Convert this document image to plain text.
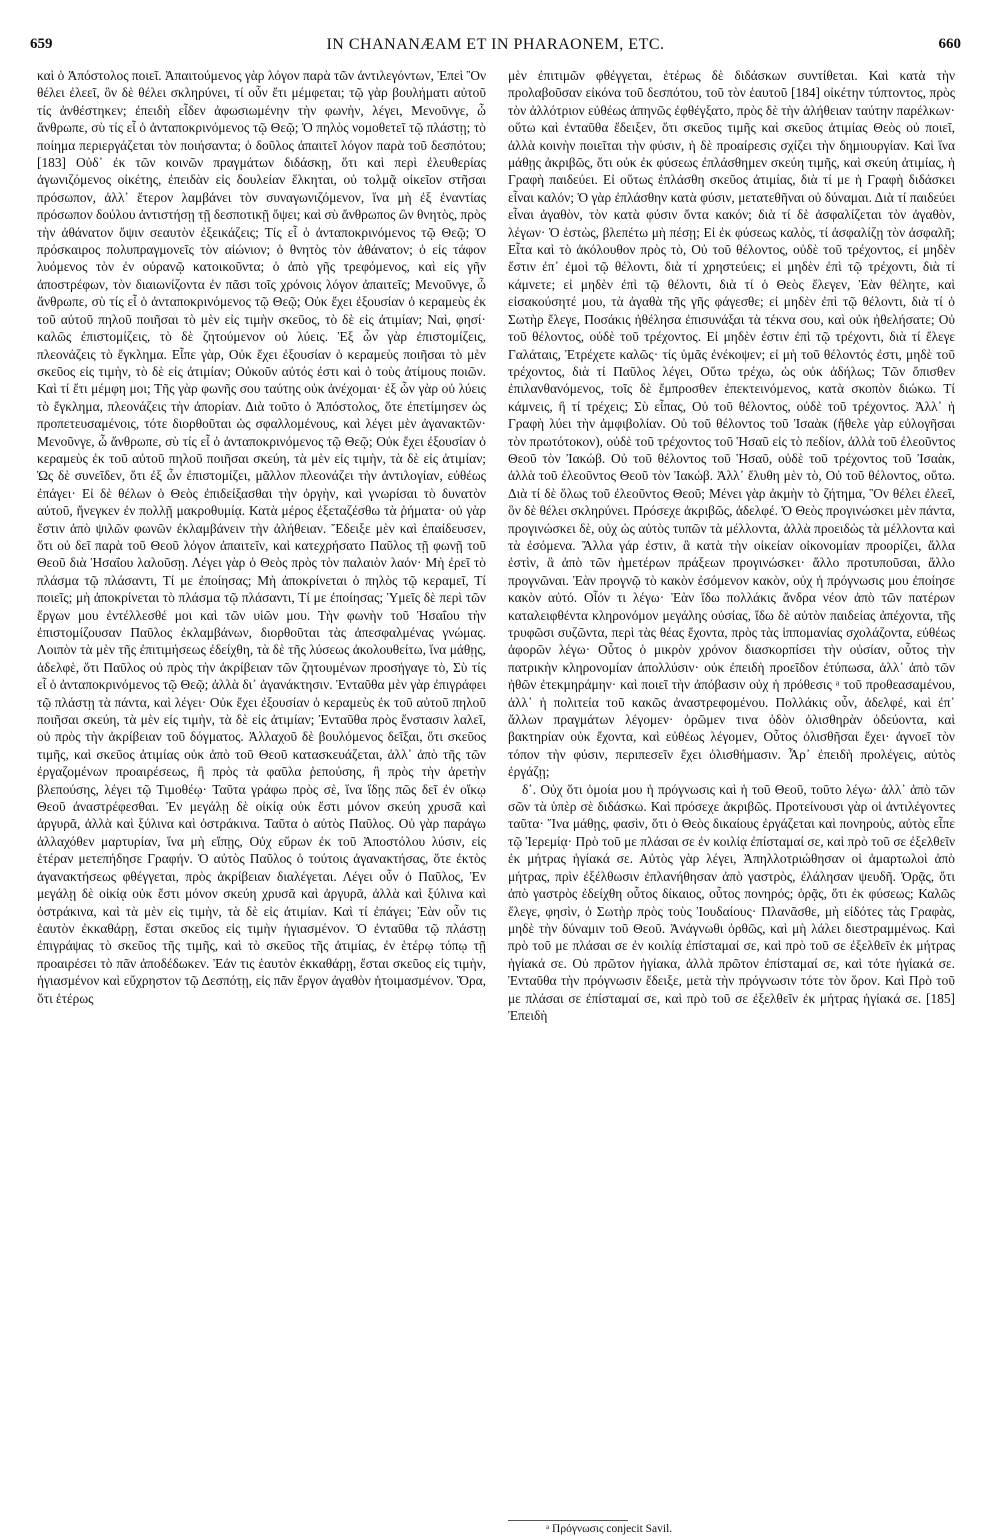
659	IN CHANANÆAM ET IN PHARAONEM, ETC.	660

καὶ ὁ Ἀπόστολος ποιεῖ. Ἀπαιτούμενος γὰρ λόγον παρὰ τῶν ἀντιλεγόντων, Ἐπεὶ Ὃν θέλει ἐλεεῖ, ὃν δὲ θέλει σκληρύνει, τί οὖν ἔτι μέμφεται; τῷ γὰρ βουλήματι αὐτοῦ τίς ἀνθέστηκεν; ἐπειδὴ εἶδεν ἀφωσιωμένην τὴν φωνὴν, λέγει, Μενοῦνγε, ὦ ἄνθρωπε, σὺ τίς εἶ ὁ ἀνταποκρινόμενος τῷ Θεῷ; Ὁ πηλὸς νομοθετεῖ τῷ πλάστῃ; τὸ ποίημα περιεργάζεται τὸν ποιήσαντα; ὁ δοῦλος ἀπαιτεῖ λόγον παρὰ τοῦ δεσπότου; [183] Οὐδ᾽ ἐκ τῶν κοινῶν πραγμάτων διδάσκῃ, ὅτι καὶ περὶ ἐλευθερίας ἀγωνιζόμενος οἰκέτης, ἐπειδὰν εἰς δουλείαν ἕλκηται, οὐ τολμᾷ οἰκεῖον στῆσαι πρόσωπον, ἀλλ᾽ ἕτερον λαμβάνει τὸν συναγωνιζόμενον, ἵνα μὴ ἐξ ἐναντίας πρόσωπον δούλου ἀντιστήσῃ τῇ δεσποτικῇ ὄψει; καὶ σὺ ἄνθρωπος ὢν θνητὸς, πρὸς τὴν ἀθάνατον ὄψιν σεαυτὸν ἐξεικάζεις; Τίς εἶ ὁ ἀνταποκρινόμενος τῷ Θεῷ; Ὁ πρόσκαιρος πολυπραγμονεῖς τὸν αἰώνιον; ὁ θνητὸς τὸν ἀθάνατον; ὁ εἰς τάφον λυόμενος τὸν ἐν οὐρανῷ κατοικοῦντα; ὁ ἀπὸ γῆς τρεφόμενος, καὶ εἰς γῆν ἀποστρέφων, τὸν διαιωνίζοντα ἐν πᾶσι τοῖς χρόνοις λόγον ἀπαιτεῖς; Μενοῦνγε, ὦ ἄνθρωπε, σὺ τίς εἶ ὁ ἀνταποκρινόμενος τῷ Θεῷ; Οὐκ ἔχει ἐξουσίαν ὁ κεραμεὺς ἐκ τοῦ αὐτοῦ πηλοῦ ποιῆσαι τὸ μὲν εἰς τιμὴν σκεῦος, τὸ δὲ εἰς ἀτιμίαν; Ναὶ, φησί· καλῶς ἐπιστομίζεις, τὸ δὲ ζητούμενον οὐ λύεις. Ἐξ ὧν γὰρ ἐπιστομίζεις, πλεονάζεις τὸ ἔγκλημα. Εἶπε γὰρ, Οὐκ ἔχει ἐξουσίαν ὁ κεραμεὺς ποιῆσαι τὸ μὲν σκεῦος εἰς τιμὴν, τὸ δὲ εἰς ἀτιμίαν; Οὐκοῦν αὐτός ἐστι καὶ ὁ τοὺς ἀτίμους ποιῶν. Καὶ τί ἔτι μέμφη μοι; Τῆς γὰρ φωνῆς σου ταύτης οὐκ ἀνέχομαι· ἐξ ὧν γὰρ οὐ λύεις τὸ ἔγκλημα, πλεονάζεις τὴν ἀπορίαν. Διὰ τοῦτο ὁ Ἀπόστολος, ὅτε ἐπετίμησεν ὡς προπετευσαμένοις, τότε διορθοῦται ὡς σφαλλομένους, καὶ λέγει μὲν ἀγανακτῶν· Μενοῦνγε, ὦ ἄνθρωπε, σὺ τίς εἶ ὁ ἀνταποκρινόμενος τῷ Θεῷ; Οὐκ ἔχει ἐξουσίαν ὁ κεραμεὺς ἐκ τοῦ αὐτοῦ πηλοῦ ποιῆσαι σκεύη, τὰ μὲν εἰς τιμὴν, τὰ δὲ εἰς ἀτιμίαν; Ὡς δὲ συνεῖδεν, ὅτι ἐξ ὧν ἐπιστομίζει, μᾶλλον πλεονάζει τὴν ἀντιλογίαν, εὐθέως ἐπάγει· Εἰ δὲ θέλων ὁ Θεὸς ἐπιδείξασθαι τὴν ὀργὴν, καὶ γνωρίσαι τὸ δυνατὸν αὐτοῦ, ἤνεγκεν ἐν πολλῇ μακροθυμίᾳ. Κατὰ μέρος ἐξεταζέσθω τὰ ῥήματα· οὐ γὰρ ἔστιν ἀπὸ ψιλῶν φωνῶν ἐκλαμβάνειν τὴν ἀλήθειαν. Ἔδειξε μὲν καὶ ἐπαίδευσεν, ὅτι οὐ δεῖ παρὰ τοῦ Θεοῦ λόγον ἀπαιτεῖν, καὶ κατεχρήσατο Παῦλος τῇ φωνῇ τοῦ Θεοῦ διὰ Ἡσαΐου λαλοῦσῃ. Λέγει γὰρ ὁ Θεὸς πρὸς τὸν παλαιὸν λαόν· Μὴ ἐρεῖ τὸ πλάσμα τῷ πλάσαντι, Τί με ἐποίησας; Μὴ ἀποκρίνεται ὁ πηλὸς τῷ κεραμεῖ, Τί ποιεῖς; μὴ ἀποκρίνεται τὸ πλάσμα τῷ πλάσαντι, Τί με ἐποίησας; Ὑμεῖς δὲ περὶ τῶν ἔργων μου ἐντέλλεσθέ μοι καὶ τῶν υἱῶν μου. Τὴν φωνὴν τοῦ Ἡσαΐου τὴν ἐπιστομίζουσαν Παῦλος ἐκλαμβάνων, διορθοῦται τὰς ἀπεσφαλμένας γνώμας. Λοιπὸν τὰ μὲν τῆς ἐπιτιμήσεως ἐδείχθη, τὰ δὲ τῆς λύσεως ἀκολουθείτω, ἵνα μάθῃς, ἀδελφὲ, ὅτι Παῦλος οὐ πρὸς τὴν ἀκρίβειαν τῶν ζητουμένων προσήγαγε τὸ, Σὺ τίς εἶ ὁ ἀνταποκρινόμενος τῷ Θεῷ; ἀλλὰ δι᾽ ἀγανάκτησιν. Ἐνταῦθα μὲν γὰρ ἐπιγράφει τῷ πλάστῃ τὰ πάντα, καὶ λέγει· Οὐκ ἔχει ἐξουσίαν ὁ κεραμεὺς ἐκ τοῦ αὐτοῦ πηλοῦ ποιῆσαι σκεύη, τὰ μὲν εἰς τιμὴν, τὰ δὲ εἰς ἀτιμίαν; Ἐνταῦθα πρὸς ἔνστασιν λαλεῖ, οὐ πρὸς τὴν ἀκρίβειαν τοῦ δόγματος. Ἀλλαχοῦ δὲ βουλόμενος δεῖξαι, ὅτι σκεῦος τιμῆς, καὶ σκεῦος ἀτιμίας οὐκ ἀπὸ τοῦ Θεοῦ κατασκευάζεται, ἀλλ᾽ ἀπὸ τῆς τῶν ἐργαζομένων προαιρέσεως, ἢ πρὸς τὰ φαῦλα ῥεπούσης, ἢ πρὸς τὴν ἀρετὴν βλεπούσης, λέγει τῷ Τιμοθέῳ· Ταῦτα γράφω πρὸς σὲ, ἵνα ἴδῃς πῶς δεῖ ἐν οἴκῳ Θεοῦ ἀναστρέφεσθαι. Ἐν μεγάλῃ δὲ οἰκίᾳ οὐκ ἔστι μόνον σκεύη χρυσᾶ καὶ ἀργυρᾶ, ἀλλὰ καὶ ξύλινα καὶ ὀστράκινα. Ταῦτα ὁ αὐτὸς Παῦλος. Οὐ γὰρ παράγω ἀλλαχόθεν μαρτυρίαν, ἵνα μὴ εἴπῃς, Οὐχ εὕρων ἐκ τοῦ Ἀποστόλου λύσιν, εἰς ἑτέραν μετεπήδησε Γραφήν. Ὁ αὐτὸς Παῦλος ὁ τούτοις ἀγανακτήσας, ὅτε ἐκτὸς ἀγανακτήσεως φθέγγεται, πρὸς ἀκρίβειαν διαλέγεται. Λέγει οὖν ὁ Παῦλος, Ἐν μεγάλῃ δὲ οἰκίᾳ οὐκ ἔστι μόνον σκεύη χρυσᾶ καὶ ἀργυρᾶ, ἀλλὰ καὶ ξύλινα καὶ ὀστράκινα, καὶ τὰ μὲν εἰς τιμὴν, τὰ δὲ εἰς ἀτιμίαν. Καὶ τί ἐπάγει; Ἐὰν οὖν τις ἑαυτὸν ἐκκαθάρῃ, ἔσται σκεῦος εἰς τιμὴν ἡγιασμένον. Ὁ ἐνταῦθα τῷ πλάστῃ ἐπιγράψας τὸ σκεῦος τῆς τιμῆς, καὶ τὸ σκεῦος τῆς ἀτιμίας, ἐν ἑτέρῳ τόπῳ τῇ προαιρέσει τὸ πᾶν ἀποδέδωκεν. Ἐάν τις ἑαυτὸν ἐκκαθάρῃ, ἔσται σκεῦος εἰς τιμὴν, ἡγιασμένον καὶ εὔχρηστον τῷ Δεσπότῃ, εἰς πᾶν ἔργον ἀγαθὸν ἡτοιμασμένον. Ὅρα, ὅτι ἑτέρως

μὲν ἐπιτιμῶν φθέγγεται, ἑτέρως δὲ διδάσκων συντίθεται. Καὶ κατὰ τὴν προλαβοῦσαν εἰκόνα τοῦ δεσπότου, τοῦ τὸν ἑαυτοῦ [184] οἰκέτην τύπτοντος, πρὸς τὸν ἀλλότριον εὐθέως ἀπηνῶς ἐφθέγξατο, πρὸς δὲ τὴν ἀλήθειαν ταύτην παρέλκων· οὕτω καὶ ἐνταῦθα ἔδειξεν, ὅτι σκεῦος τιμῆς καὶ σκεῦος ἀτιμίας Θεὸς οὐ ποιεῖ, ἀλλὰ κοινὴν ποιεῖται τὴν φύσιν, ἡ δὲ προαίρεσις σχίζει τὴν δημιουργίαν. Καὶ ἵνα μάθῃς ἀκριβῶς, ὅτι οὐκ ἐκ φύσεως ἐπλάσθημεν σκεύη τιμῆς, καὶ σκεύη ἀτιμίας, ἡ Γραφὴ παιδεύει. Εἰ οὕτως ἐπλάσθη σκεῦος ἀτιμίας, διὰ τί με ἡ Γραφὴ διδάσκει εἶναι καλόν; Ὁ γὰρ ἐπλάσθην κατὰ φύσιν, μετατεθῆναι οὐ δύναμαι. Διὰ τί παιδεύει εἶναι ἀγαθὸν, τὸν κατὰ φύσιν ὄντα κακόν; διὰ τί δὲ ἀσφαλίζεται τὸν ἀγαθὸν, λέγων· Ὁ ἑστὼς, βλεπέτω μὴ πέσῃ; Εἰ ἐκ φύσεως καλὸς, τί ἀσφαλίζῃ τὸν ἀσφαλῆ; Εἶτα καὶ τὸ ἀκόλουθον πρὸς τὸ, Οὐ τοῦ θέλοντος, οὐδὲ τοῦ τρέχοντος, εἰ μηδὲν ἔστιν ἐπ᾽ ἐμοὶ τῷ θέλοντι, διὰ τί χρηστεύεις; εἰ μηδὲν ἐπὶ τῷ τρέχοντι, διὰ τί κάμνετε; εἰ μηδὲν ἐπὶ τῷ θέλοντι, διὰ τί ὁ Θεὸς ἔλεγεν, Ἐὰν θέλητε, καὶ εἰσακούσητέ μου, τὰ ἀγαθὰ τῆς γῆς φάγεσθε; εἰ μηδὲν ἐπὶ τῷ θέλοντι, διὰ τί ὁ Σωτὴρ ἔλεγε, Ποσάκις ἠθέλησα ἐπισυνάξαι τὰ τέκνα σου, καὶ οὐκ ἠθελήσατε; Οὐ τοῦ θέλοντος, οὐδὲ τοῦ τρέχοντος. Εἰ μηδὲν ἐστιν ἐπὶ τῷ τρέχοντι, διὰ τί ἔλεγε Γαλάταις, Ἐτρέχετε καλῶς· τίς ὑμᾶς ἐνέκοψεν; εἰ μὴ τοῦ θέλοντός ἐστι, μηδὲ τοῦ τρέχοντος, διὰ τί Παῦλος λέγει, Οὕτω τρέχω, ὡς οὐκ ἀδήλως; Τῶν ὄπισθεν ἐπιλανθανόμενος, τοῖς δὲ ἔμπροσθεν ἐπεκτεινόμενος, κατὰ σκοπὸν διώκω. Τί κάμνεις, ἢ τί τρέχεις; Σὺ εἶπας, Οὐ τοῦ θέλοντος, οὐδὲ τοῦ τρέχοντος. Ἀλλ᾽ ἡ Γραφὴ λύει τὴν ἀμφιβολίαν. Οὐ τοῦ θέλοντος τοῦ Ἰσαὰκ (ἤθελε γὰρ εὐλογῆσαι τὸν πρωτότοκον), οὐδὲ τοῦ τρέχοντος τοῦ Ἡσαῦ εἰς τὸ πεδίον, ἀλλὰ τοῦ ἐλεοῦντος Θεοῦ τὸν Ἰακώβ. Οὐ τοῦ θέλοντος τοῦ Ἡσαῦ, οὐδὲ τοῦ τρέχοντος τοῦ Ἰσαὰκ, ἀλλὰ τοῦ ἐλεοῦντος Θεοῦ τὸν Ἰακώβ. Ἀλλ᾽ ἔλυθη μὲν τὸ, Οὐ τοῦ θέλοντος, οὕτω. Διὰ τί δὲ ὅλως τοῦ ἐλεοῦντος Θεοῦ; Μένει γὰρ ἀκμὴν τὸ ζήτημα, Ὃν θέλει ἐλεεῖ, ὃν δὲ θέλει σκληρύνει. Πρόσεχε ἀκριβῶς, ἀδελφέ. Ὁ Θεὸς προγινώσκει μὲν πάντα, προγινώσκει δὲ, οὐχ ὡς αὐτὸς τυπῶν τὰ μέλλοντα, ἀλλὰ προειδὼς τὰ μέλλοντα καὶ τὰ ἐσόμενα. Ἄλλα γάρ ἐστιν, ἃ κατὰ τὴν οἰκείαν οἰκονομίαν προορίζει, ἄλλα ἐστὶν, ἃ ἀπὸ τῶν ἡμετέρων πράξεων προγινώσκει· ἄλλο προτυποῦσαι, ἄλλο προγνῶναι. Ἐὰν προγνῷ τὸ κακὸν ἐσόμενον κακὸν, οὐχ ἡ πρόγνωσις μου ἐποίησε κακὸν αὐτό. Οἷόν τι λέγω· Ἐὰν ἴδω πολλάκις ἄνδρα νέον ἀπὸ τῶν πατέρων καταλειφθέντα κληρονόμον μεγάλης οὐσίας, ἴδω δὲ αὐτὸν παιδείας ἀπέχοντα, τῆς τρυφῶσι συζῶντα, περὶ τὰς θέας ἔχοντα, πρὸς τὰς ἱππομανίας σχολάζοντα, εὐθέως ἀφορῶν λέγω· Οὗτος ὁ μικρὸν χρόνον διασκορπίσει τὴν οὐσίαν, οὗτος τὴν πατρικὴν κληρονομίαν ἀπολλύσιν· οὐκ ἐπειδὴ προεῖδον ἐτύπωσα, ἀλλ᾽ ἀπὸ τῶν ἠθῶν ἐτεκμηράμην· καὶ ποιεῖ τὴν ἀπόβασιν οὐχ ἡ πρόθεσις ᵃ τοῦ προθεασαμένου, ἀλλ᾽ ἡ πολιτεία τοῦ κακῶς ἀναστρεφομένου. Πολλάκις οὖν, ἀδελφέ, καὶ ἐπ᾽ ἄλλων πραγμάτων λέγομεν· ὁρῶμεν τινα ὁδὸν ὀλισθηρὰν ὁδεύοντα, καὶ βακτηρίαν οὐκ ἔχοντα, καὶ εὐθέως λέγομεν, Οὗτος ὀλισθῆσαι ἔχει· ἀγνοεῖ τὸν τόπον τὴν φύσιν, περιπεσεῖν ἔχει ὀλισθήμασιν. Ἆρ᾽ ἐπειδὴ προλέγεις, αὐτὸς ἐργάζῃ;

δ᾽. Οὐχ ὅτι ὁμοία μου ἡ πρόγνωσις καὶ ἡ τοῦ Θεοῦ, τοῦτο λέγω· ἀλλ᾽ ἀπὸ τῶν σῶν τὰ ὑπὲρ σὲ διδάσκω. Καὶ πρόσεχε ἀκριβῶς. Προτείνουσι γὰρ οἱ ἀντιλέγοντες ταῦτα· Ἵνα μάθῃς, φασὶν, ὅτι ὁ Θεὸς δικαίους ἐργάζεται καὶ πονηροὺς, αὐτὸς εἶπε τῷ Ἱερεμίᾳ· Πρὸ τοῦ με πλάσαι σε ἐν κοιλίᾳ ἐπίσταμαί σε, καὶ πρὸ τοῦ σε ἐξελθεῖν ἐκ μήτρας ἡγίακά σε. Αὐτὸς γὰρ λέγει, Ἀπηλλοτριώθησαν οἱ ἁμαρτωλοὶ ἀπὸ μήτρας, πρὶν ἐξέλθωσιν ἐπλανήθησαν ἀπὸ γαστρὸς, ἐλάλησαν ψευδῆ. Ὁρᾷς, ὅτι ἀπὸ γαστρὸς ἐδείχθη οὗτος δίκαιος, οὗτος πονηρός; ὁρᾷς, ὅτι ἐκ φύσεως; Καλῶς ἔλεγε, φησὶν, ὁ Σωτὴρ πρὸς τοὺς Ἰουδαίους· Πλανᾶσθε, μὴ εἰδότες τὰς Γραφὰς, μηδὲ τὴν δύναμιν τοῦ Θεοῦ. Ἀνάγνωθι ὀρθῶς, καὶ μὴ λάλει διεστραμμένως. Καὶ πρὸ τοῦ με πλάσαι σε ἐν κοιλίᾳ ἐπίσταμαί σε, καὶ πρὸ τοῦ σε ἐξελθεῖν ἐκ μήτρας ἡγίακά σε. Οὐ πρῶτον ἡγίακα, ἀλλὰ πρῶτον ἐπίσταμαί σε, καὶ τότε ἡγίακά σε. Ἐνταῦθα τὴν πρόγνωσιν ἔδειξε, μετὰ τὴν πρόγνωσιν τότε τὸν ὅρον. Καὶ Πρὸ τοῦ με πλάσαι σε ἐπίσταμαί σε, καὶ πρὸ τοῦ σε ἐξελθεῖν ἐκ μήτρας ἡγίακά σε. [185] Ἐπειδὴ

ᵃ Πρόγνωσις conjecit Savil.
